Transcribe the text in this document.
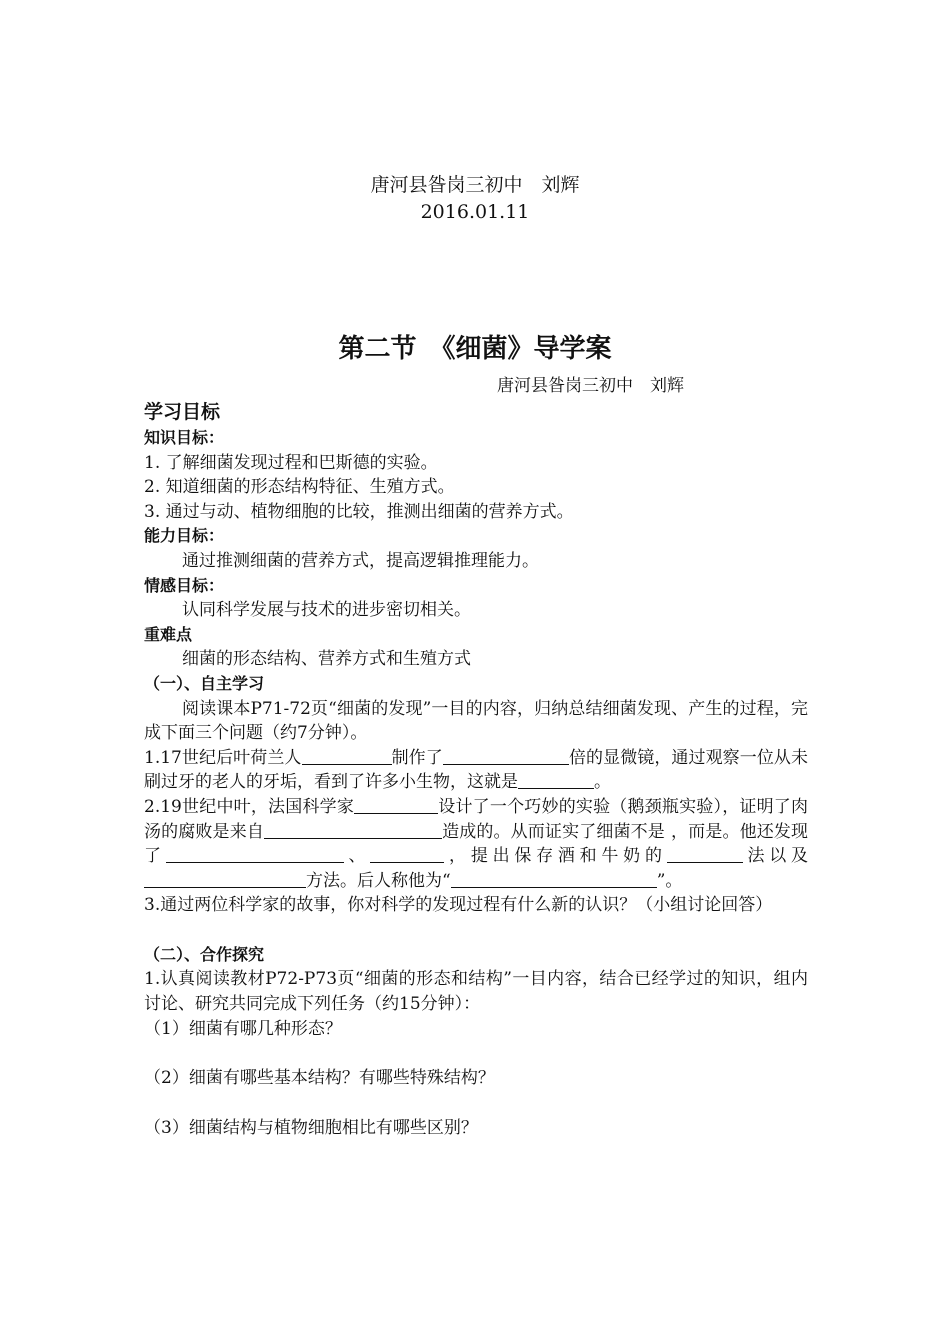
唐河县昝岗三初中　刘辉
2016.01.11
第二节　《细菌》导学案
唐河县昝岗三初中　刘辉
学习目标
知识目标：
1. 了解细菌发现过程和巴斯德的实验。
2. 知道细菌的形态结构特征、生殖方式。
3. 通过与动、植物细胞的比较，推测出细菌的营养方式。
能力目标：
通过推测细菌的营养方式，提高逻辑推理能力。
情感目标：
认同科学发展与技术的进步密切相关。
重难点
细菌的形态结构、营养方式和生殖方式
（一）、自主学习
阅读课本P71-72页“细菌的发现”一目的内容，归纳总结细菌发现、产生的过程，完成下面三个问题（约7分钟）。
1.17世纪后叶荷兰人	制作了	倍的显微镜，通过观察一位从未刷过牙的老人的牙垢，看到了许多小生物，这就是	。
2.19世纪中叶，法国科学家	设计了一个巧妙的实验（鹅颈瓶实验），证明了肉汤的腐败是来自	造成的。从而证实了细菌不是 ，而是。他还发现了	、	，提出保存酒和牛奶的	法以及方法。后人称他为“	”。
3.通过两位科学家的故事，你对科学的发现过程有什么新的认识？（小组讨论回答）
（二）、合作探究
1.认真阅读教材P72-P73页“细菌的形态和结构”一目内容，结合已经学过的知识，组内讨论、研究共同完成下列任务（约15分钟）：
（1）细菌有哪几种形态？
（2）细菌有哪些基本结构？有哪些特殊结构？
（3）细菌结构与植物细胞相比有哪些区别？
